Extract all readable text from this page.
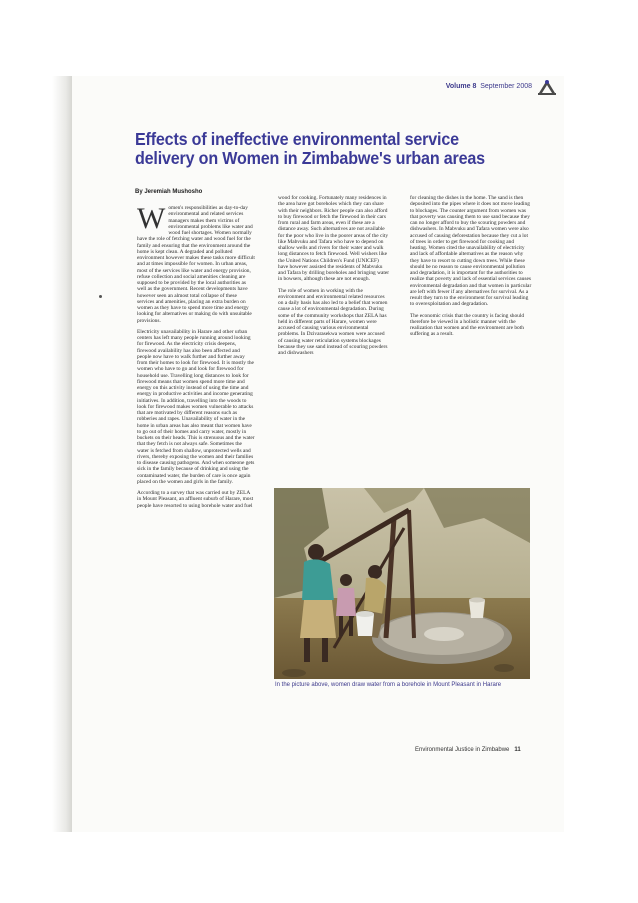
Volume 8 September 2008
Effects of ineffective environmental service delivery on Women in Zimbabwe's urban areas
By Jeremiah Mushosho

Women's responsibilities as day-to-day environmental and related services managers makes them victims of environmental problems like water and wood fuel shortages. Women normally have the role of fetching water and wood fuel for the family and ensuring that the environment around the home is kept clean. A degraded and polluted environment however makes these tasks more difficult and at times impossible for women. In urban areas, most of the services like water and energy provision, refuse collection and social amenities cleaning are supposed to be provided by the local authorities as well as the government. Recent developments have however seen an almost total collapse of these services and amenities, placing an extra burden on women as they have to spend more time and energy looking for alternatives or making do with unsuitable provisions.

Electricity unavailability in Harare and other urban centers has left many people running around looking for firewood. As the electricity crisis deepens, firewood availability has also been affected and people now have to walk further and further away from their homes to look for firewood. It is mostly the women who have to go and look for firewood for household use. Travelling long distances to look for firewood means that women spend more time and energy on this activity instead of using the time and energy in productive activities and income generating initiatives. In addition, travelling into the woods to look for firewood makes women vulnerable to attacks that are motivated by different reasons such as robberies and rapes. Unavailability of water in the home in urban areas has also meant that women have to go out of their homes and carry water, mostly in buckets on their heads. This is strenuous and the water that they fetch is not always safe. Sometimes the water is fetched from shallow, unprotected wells and rivers, thereby exposing the women and their families to disease causing pathogens. And when someone gets sick in the family because of drinking and using the contaminated water, the burden of care is once again placed on the women and girls in the family.

According to a survey that was carried out by ZELA in Mount Pleasant, an affluent suburb of Harare, most people have resorted to using borehole water and fuel

wood for cooking. Fortunately many residences in the area have got boreholes which they can share with their neighbors. Richer people can also afford to buy firewood or fetch the firewood in their cars from rural and farm areas, even if these are a distance away. Such alternatives are not available for the poor who live in the poorer areas of the city like Mabvuku and Tafara who have to depend on shallow wells and rivers for their water and walk long distances to fetch firewood. Well wishers like the United Nations Children's Fund (UNICEF) have however assisted the residents of Mabvuku and Tafara by drilling boreholes and bringing water in bowsers, although these are not enough.

The role of women in working with the environment and environmental related resources on a daily basis has also led to a belief that women cause a lot of environmental degradation. During some of the community workshops that ZELA has held in different parts of Harare, women were accused of causing various environmental problems. In Dzivarasekwa women were accused of causing water reticulation systems blockages because they use sand instead of scouring powders and dishwashers

for cleaning the dishes in the home. The sand is then deposited into the pipes where it does not move leading to blockages. The counter argument from women was that poverty was causing them to use sand because they can no longer afford to buy the scouring powders and dishwashers. In Mabvuku and Tafara women were also accused of causing deforestation because they cut a lot of trees in order to get firewood for cooking and heating. Women cited the unavailability of electricity and lack of affordable alternatives as the reason why they have to resort to cutting down trees. While these should be no reason to cause environmental pollution and degradation, it is important for the authorities to realize that poverty and lack of essential services causes environmental degradation and that women in particular are left with fewer if any alternatives for survival. As a result they turn to the environment for survival leading to overexploitation and degradation.

The economic crisis that the country is facing should therefore be viewed in a holistic manner with the realization that women and the environment are both suffering as a result.

In the picture above, women draw water from a borehole in Mount Pleasant in Harare
Environmental Justice in Zimbabwe 11
